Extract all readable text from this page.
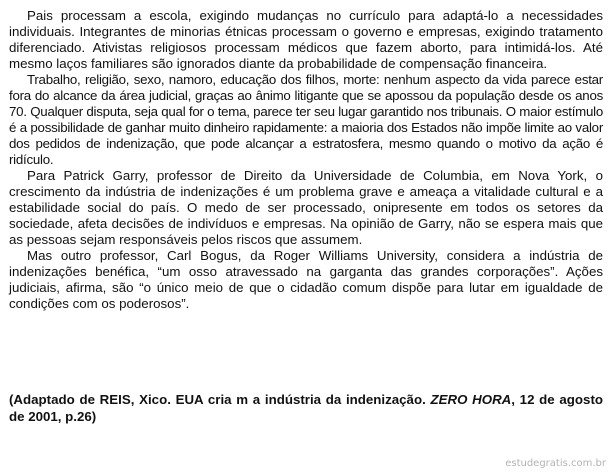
Pais processam a escola, exigindo mudanças no currículo para adaptá-lo a necessidades individuais. Integrantes de minorias étnicas processam o governo e empresas, exigindo tratamento diferenciado. Ativistas religiosos processam médicos que fazem aborto, para intimidá-los. Até mesmo laços familiares são ignorados diante da probabilidade de compensação financeira.

Trabalho, religião, sexo, namoro, educação dos filhos, morte: nenhum aspecto da vida parece estar fora do alcance da área judicial, graças ao ânimo litigante que se apossou da população desde os anos 70. Qualquer disputa, seja qual for o tema, parece ter seu lugar garantido nos tribunais. O maior estímulo é a possibilidade de ganhar muito dinheiro rapidamente: a maioria dos Estados não impõe limite ao valor dos pedidos de indenização, que pode alcançar a estratosfera, mesmo quando o motivo da ação é ridículo.

Para Patrick Garry, professor de Direito da Universidade de Columbia, em Nova York, o crescimento da indústria de indenizações é um problema grave e ameaça a vitalidade cultural e a estabilidade social do país. O medo de ser processado, onipresente em todos os setores da sociedade, afeta decisões de indivíduos e empresas. Na opinião de Garry, não se espera mais que as pessoas sejam responsáveis pelos riscos que assumem.

Mas outro professor, Carl Bogus, da Roger Williams University, considera a indústria de indenizações benéfica, “um osso atravessado na garganta das grandes corporações”. Ações judiciais, afirma, são “o único meio de que o cidadão comum dispõe para lutar em igualdade de condições com os poderosos”.

(Adaptado de REIS, Xico. EUA cria m a indústria da indenização. ZERO HORA, 12 de agosto de 2001, p.26)

estudegratis.com.br
